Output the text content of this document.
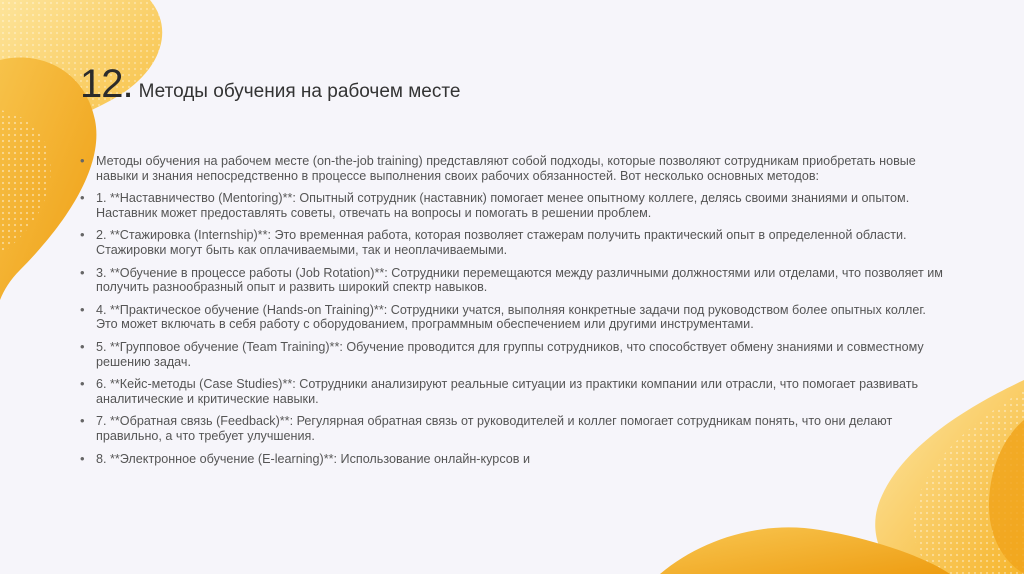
12. Методы обучения на рабочем месте
• Методы обучения на рабочем месте (on-the-job training) представляют собой подходы, которые позволяют сотрудникам приобретать новые навыки и знания непосредственно в процессе выполнения своих рабочих обязанностей. Вот несколько основных методов:
• 1. **Наставничество (Mentoring)**: Опытный сотрудник (наставник) помогает менее опытному коллеге, делясь своими знаниями и опытом. Наставник может предоставлять советы, отвечать на вопросы и помогать в решении проблем.
• 2. **Стажировка (Internship)**: Это временная работа, которая позволяет стажерам получить практический опыт в определенной области. Стажировки могут быть как оплачиваемыми, так и неоплачиваемыми.
• 3. **Обучение в процессе работы (Job Rotation)**: Сотрудники перемещаются между различными должностями или отделами, что позволяет им получить разнообразный опыт и развить широкий спектр навыков.
• 4. **Практическое обучение (Hands-on Training)**: Сотрудники учатся, выполняя конкретные задачи под руководством более опытных коллег. Это может включать в себя работу с оборудованием, программным обеспечением или другими инструментами.
• 5. **Групповое обучение (Team Training)**: Обучение проводится для группы сотрудников, что способствует обмену знаниями и совместному решению задач.
• 6. **Кейс-методы (Case Studies)**: Сотрудники анализируют реальные ситуации из практики компании или отрасли, что помогает развивать аналитические и критические навыки.
• 7. **Обратная связь (Feedback)**: Регулярная обратная связь от руководителей и коллег помогает сотрудникам понять, что они делают правильно, а что требует улучшения.
• 8. **Электронное обучение (E-learning)**: Использование онлайн-курсов и
